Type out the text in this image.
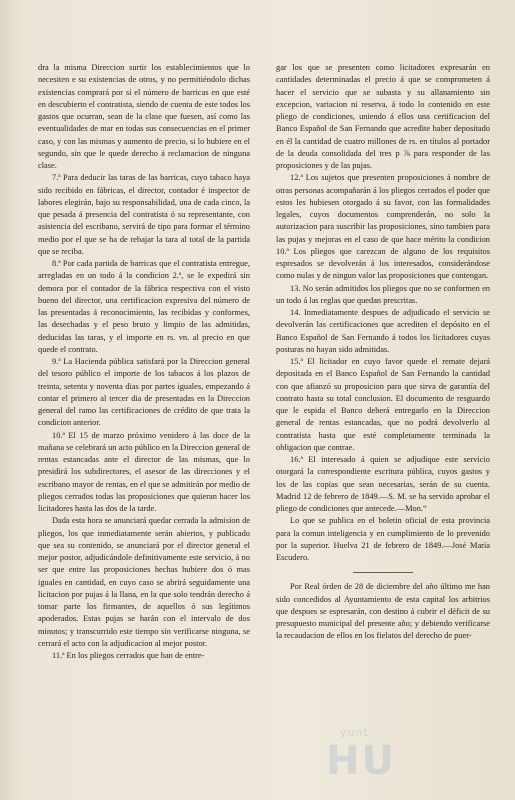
dra la misma Direccion surtir los establecimientos que lo necesiten e su existencias de otros, y no permitiéndolo dichas existencias comprará por sí el número de barricas en que esté en descubierto el contratista, siendo de cuenta de este todos los gastos que ocurran, sean de la clase que fuesen, así como las eventualidades de mar en todas sus consecuencias en el primer caso, y con las mismas y aumento de precio, si lo hubiere en el segundo, sin que le quede derecho á reclamacion de ninguna clase.

7.ª Para deducir las taras de las barricas, cuyo tabaco haya sido recibido en fábricas, el director, contador é inspector de labores elegirán, bajo su responsabilidad, una de cada cinco, la que pesada á presencia del contratista ó su representante, con asistencia del escribano, servirá de tipo para formar el término medio por el que se ha de rebajar la tara al total de la partida que se reciba.

8.ª Por cada partida de barricas que el contratista entregue, arregladas en un todo á la condicion 2.ª, se le expedirá sin demora por el contador de la fábrica respectiva con el visto bueno del director, una certificacion expresiva del número de las presentadas á reconocimiento, las recibidas y conformes, las desechadas y el peso bruto y limpio de las admitidas, deducidas las taras, y el importe en rs. vn. al precio en que quede el contrato.

9.ª La Hacienda pública satisfará por la Direccion general del tesoro público el importe de los tabacos á los plazos de treinta, setenta y noventa dias por partes iguales, empezando á contar el primero al tercer dia de presentadas en la Direccion general del ramo las certificaciones de crédito de que trata la condicion anterior.

10.ª El 15 de marzo próximo venidero á las doce de la mañana se celebrará un acto público en la Direccion general de rentas estancadas ante el director de las mismas, que lo presidirá los subdirectores, el asesor de las direcciones y el escribano mayor de rentas, en el que se admitirán por medio de pliegos cerrados todas las proposiciones que quieran hacer los licitadores hasta las dos de la tarde.

Dada esta hora se anunciará quedar cerrada la admision de pliegos, los que inmediatamente serán abiertos, y publicado que sea su contenido, se anunciará por el director general el mejor postor, adjudicándole definitivamente este servicio, á no ser que entre las proposiciones hechas hubiere dos ó mas iguales en cantidad, en cuyo caso se abrirá seguidamente una licitacion por pujas á la llana, en la que solo tendrán derecho á tomar parte los firmantes, de aquellos ó sus legítimos apoderados. Estas pujas se harán con el intervalo de dos minutos; y transcurrido este tiempo sin verificarse ninguna, se cerrará el acto con la adjudicacion al mejor postor.

11.ª En los pliegos cerrados que han de entre-

gar los que se presenten como licitadores expresarán en cantidades determinadas el precio á que se comprometen á hacer el servicio que se subasta y su allanamiento sin excepcion, variacion ni reserva, á todo lo contenido en este pliego de condiciones, uniendo á ellos una certificacion del Banco Español de San Fernando que acredite haber depositado en él la cantidad de cuatro millones de rs. en títulos al portador de la deuda consolidada del tres p ⅞ para responder de las proposiciones y de las pujas.

12.ª Los sujetos que presenten proposiciones á nombre de otras personas acompañarán á los pliegos cerrados el poder que estos les hubiesen otorgado á su favor, con las formalidades legales, cuyos documentos comprenderán, no solo la autorizacion para suscribir las proposiciones, sino tambien para las pujas y mejoras en el caso de que hace mérito la condicion 10.ª Los pliegos que carezcan de alguno de los requisitos espresados se devolverán á los interesados, considerándose como nulas y de ningun valor las proposiciones que contengan.

13. No serán admitidos los pliegos que no se conformen en un todo á las reglas que quedan prescritas.

14. Inmediatamente despues de adjudicado el servicio se devolverán las certificaciones que acrediten el depósito en el Banco Español de San Fernando á todos los licitadores cuyas posturas no hayan sido admitidas.

15.ª El licitador en cuyo favor quede el remate dejará depositada en el Banco Español de San Fernando la cantidad con que afianzó su proposicion para que sirva de garantía del contrato hasta su total conclusion. El documento de resguardo que le espida el Banco deberá entregarlo en la Direccion general de rentas estancadas, que no podrá devolverlo al contratista hasta que esté completamente terminada la obligacion que contrae.

16.ª El interesado á quien se adjudique este servicio otorgará la correspondiente escritura pública, cuyos gastos y los de las copias que sean necesarias, serán de su cuenta. Madrid 12 de febrero de 1849.—S. M. se ha servido aprobar el pliego de condiciones que antecede.—Mon.“

Lo que se publica en el boletin oficial de esta provincia para la comun inteligencia y en cumplimiento de lo prevenido por la superior. Huelva 21 de febrero de 1849.—José María Escudero.

Por Real órden de 28 de diciembre del año último me han sido concedidos al Ayuntamiento de esta capital los arbitrios que despues se espresarán, con destino á cubrir el déficit de su presupuesto municipal del presente año; y debiendo verificarse la recaudacion de ellos en los fielatos del derecho de puer-

yunt
HU
